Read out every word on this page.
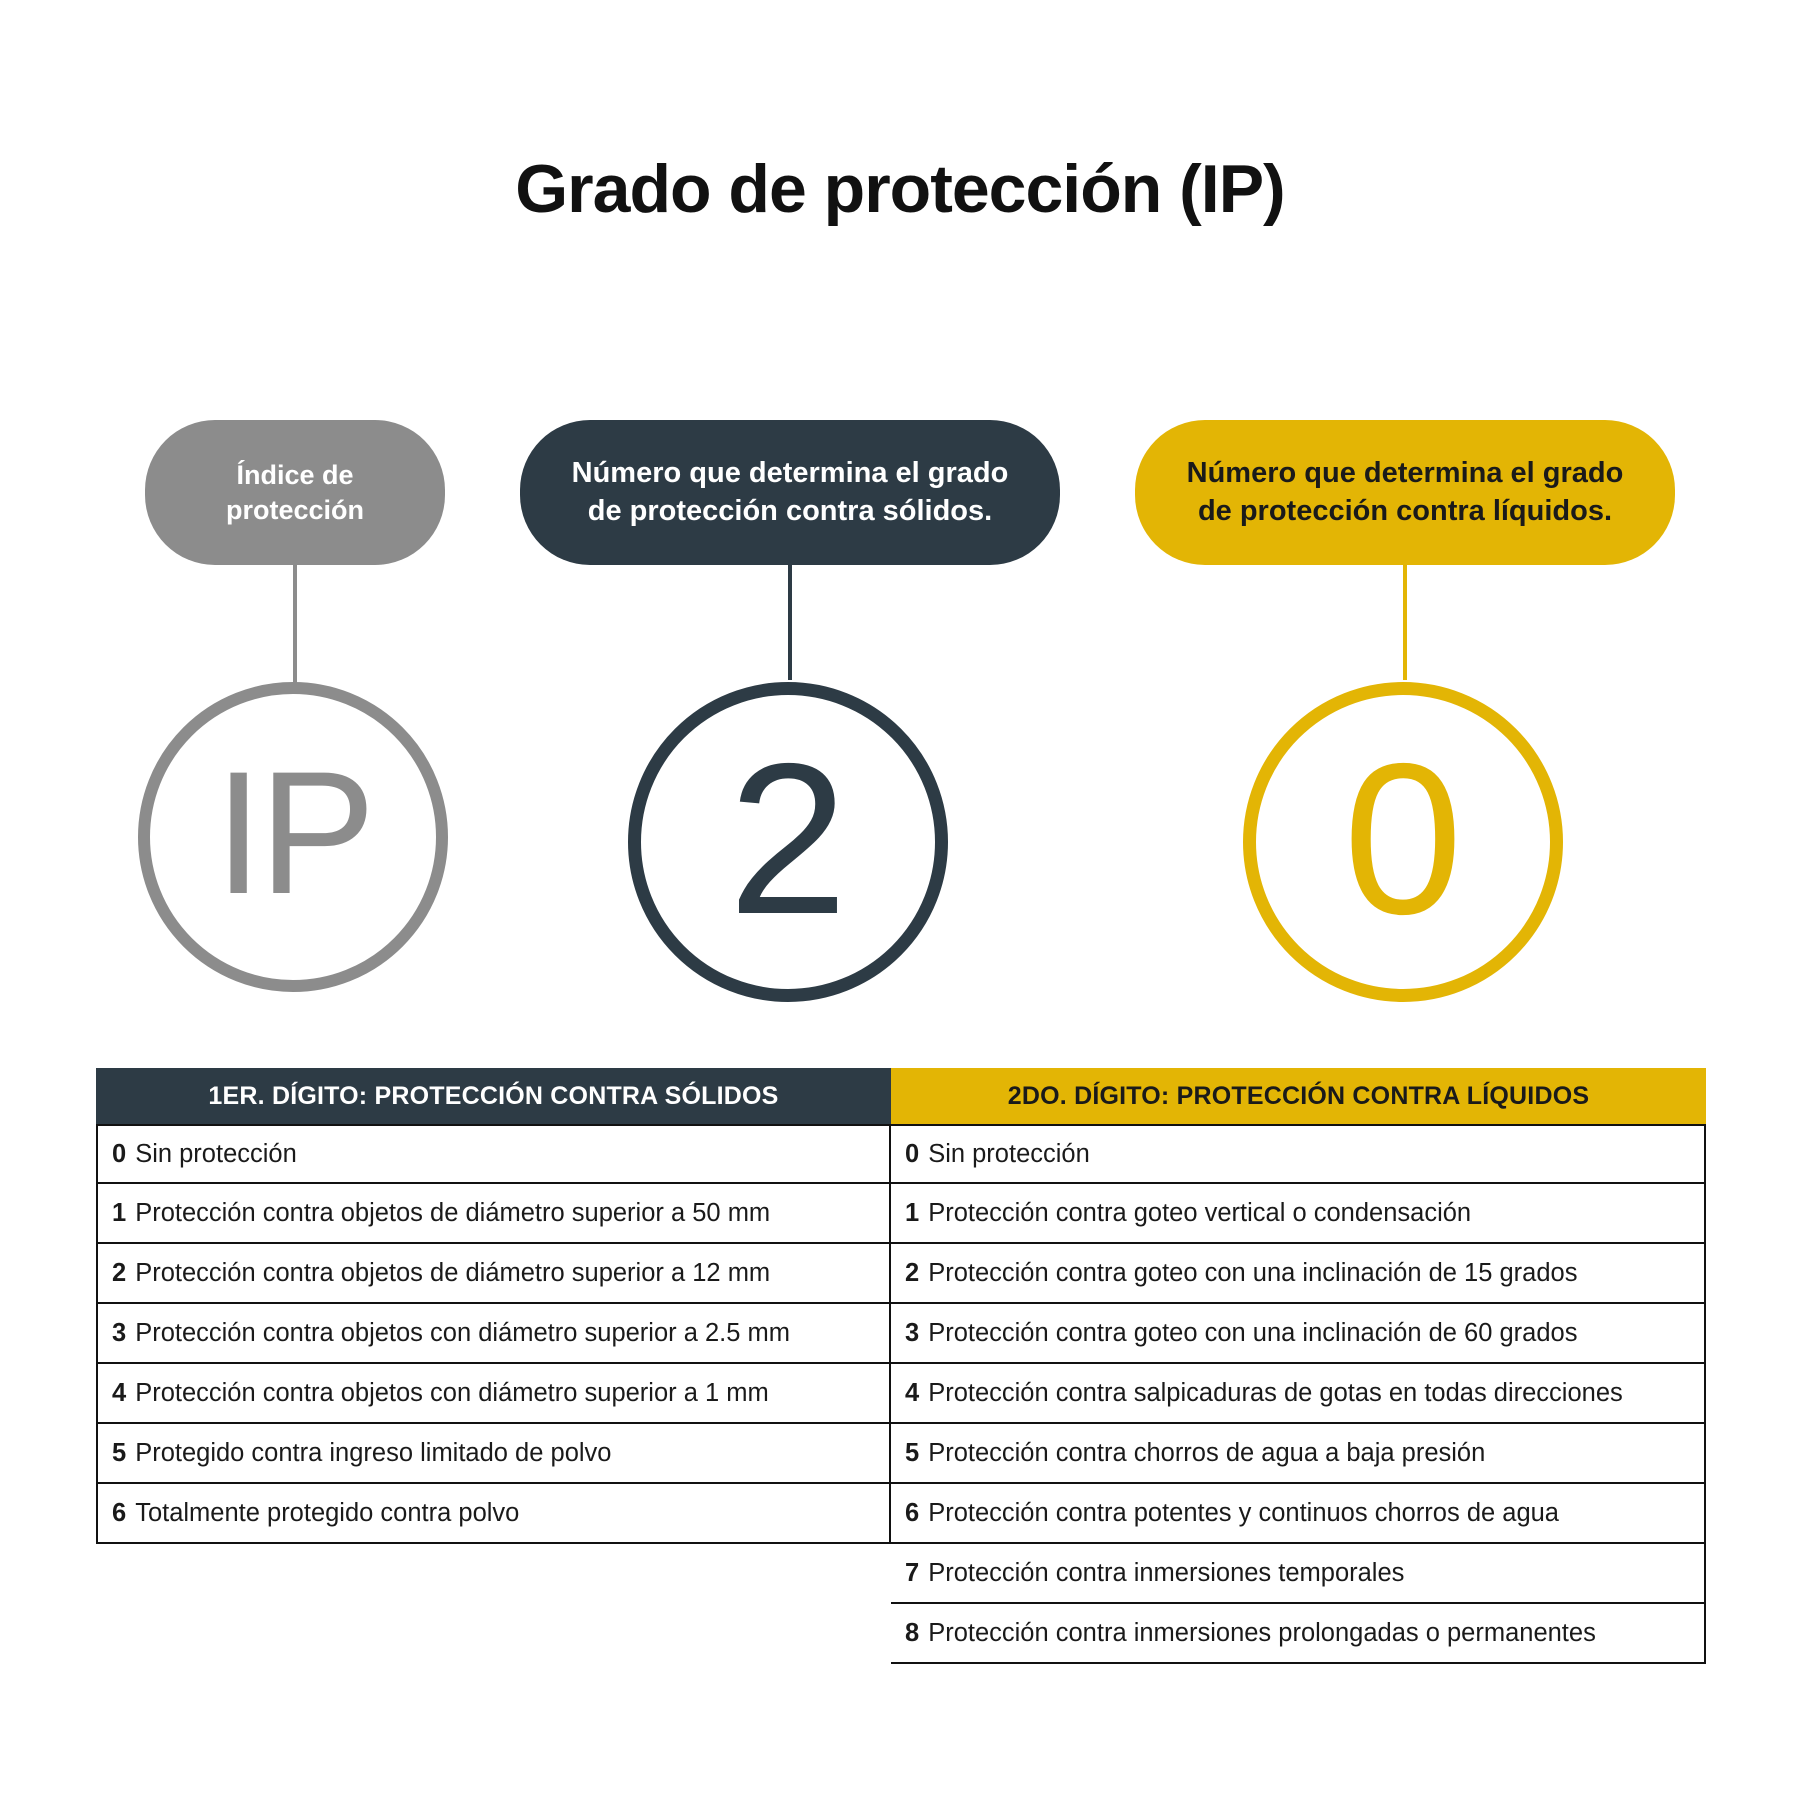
Grado de protección (IP)
Índice de
protección
IP
Número que determina el grado
de protección contra sólidos.
2
Número que determina el grado
de protección contra líquidos.
0
1ER. DÍGITO: PROTECCIÓN CONTRA SÓLIDOS
0 Sin protección
1 Protección contra objetos de diámetro superior a 50 mm
2 Protección contra objetos de diámetro superior a 12 mm
3 Protección contra objetos con diámetro superior a 2.5 mm
4 Protección contra objetos con diámetro superior a 1 mm
5 Protegido contra ingreso limitado de polvo
6 Totalmente protegido contra polvo
2DO. DÍGITO: PROTECCIÓN CONTRA LÍQUIDOS
0 Sin protección
1 Protección contra goteo vertical o condensación
2 Protección contra goteo con una inclinación de 15 grados
3 Protección contra goteo con una inclinación de 60 grados
4 Protección contra salpicaduras de gotas en todas direcciones
5 Protección contra chorros de agua a baja presión
6 Protección contra potentes y continuos chorros de agua
7 Protección contra inmersiones temporales
8 Protección contra inmersiones prolongadas o permanentes
